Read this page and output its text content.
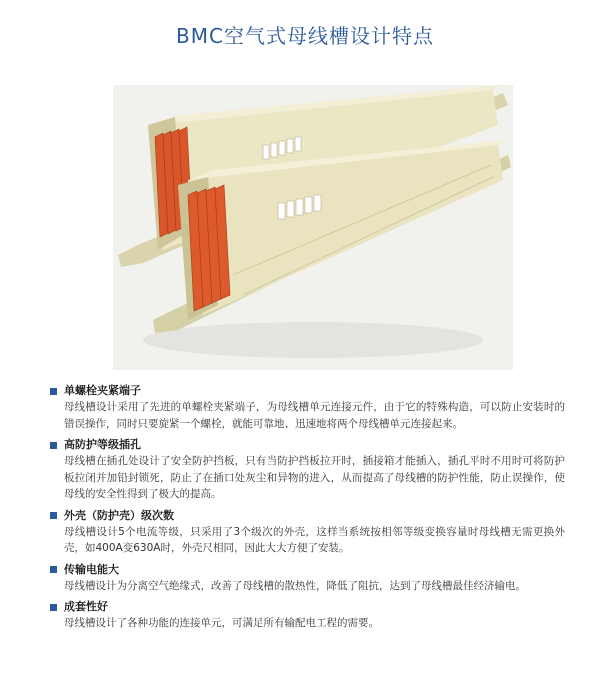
BMC空气式母线槽设计特点
单螺栓夹紧端子
母线槽设计采用了先进的单螺栓夹紧端子，为母线槽单元连接元件，由于它的特殊构造，可以防止安装时的错误操作，同时只要旋紧一个螺栓，就能可靠地、迅速地将两个母线槽单元连接起来。
高防护等级插孔
母线槽在插孔处设计了安全防护挡板，只有当防护挡板拉开时，插接箱才能插入，插孔平时不用时可将防护板拉闭并加铅封锁死，防止了在插口处灰尘和异物的进入，从而提高了母线槽的防护性能，防止误操作，使母线的安全性得到了极大的提高。
外壳（防护壳）级次数
母线槽设计5个电流等级，只采用了3个级次的外壳，这样当系统按相邻等级变换容量时母线槽无需更换外壳，如400A变630A时，外壳尺相同，因此大大方便了安装。
传输电能大
母线槽设计为分离空气绝缘式，改善了母线槽的散热性，降低了阻抗，达到了母线槽最佳经济输电。
成套性好
母线槽设计了各种功能的连接单元，可满足所有输配电工程的需要。
